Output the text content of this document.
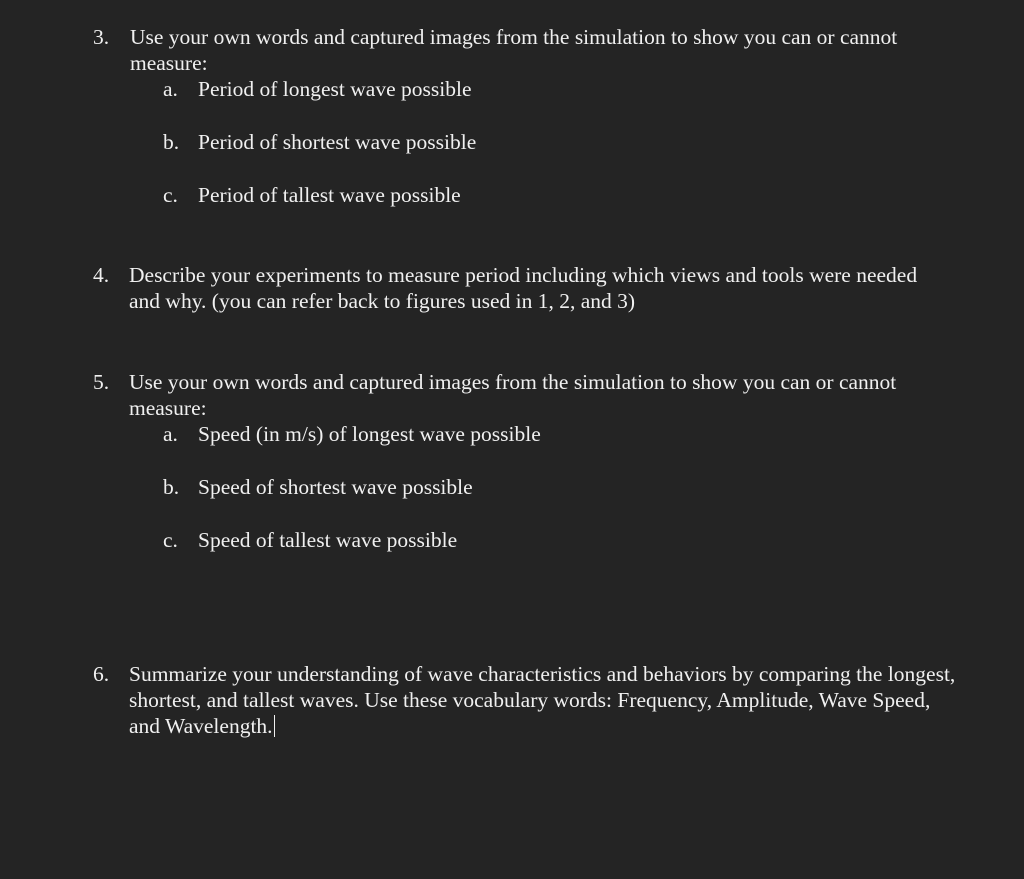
3. Use your own words and captured images from the simulation to show you can or cannot measure:
a. Period of longest wave possible
b. Period of shortest wave possible
c. Period of tallest wave possible
4. Describe your experiments to measure period including which views and tools were needed and why. (you can refer back to figures used in 1, 2, and 3)
5. Use your own words and captured images from the simulation to show you can or cannot measure:
a. Speed (in m/s) of longest wave possible
b. Speed of shortest wave possible
c. Speed of tallest wave possible
6. Summarize your understanding of wave characteristics and behaviors by comparing the longest, shortest, and tallest waves. Use these vocabulary words: Frequency, Amplitude, Wave Speed, and Wavelength.
